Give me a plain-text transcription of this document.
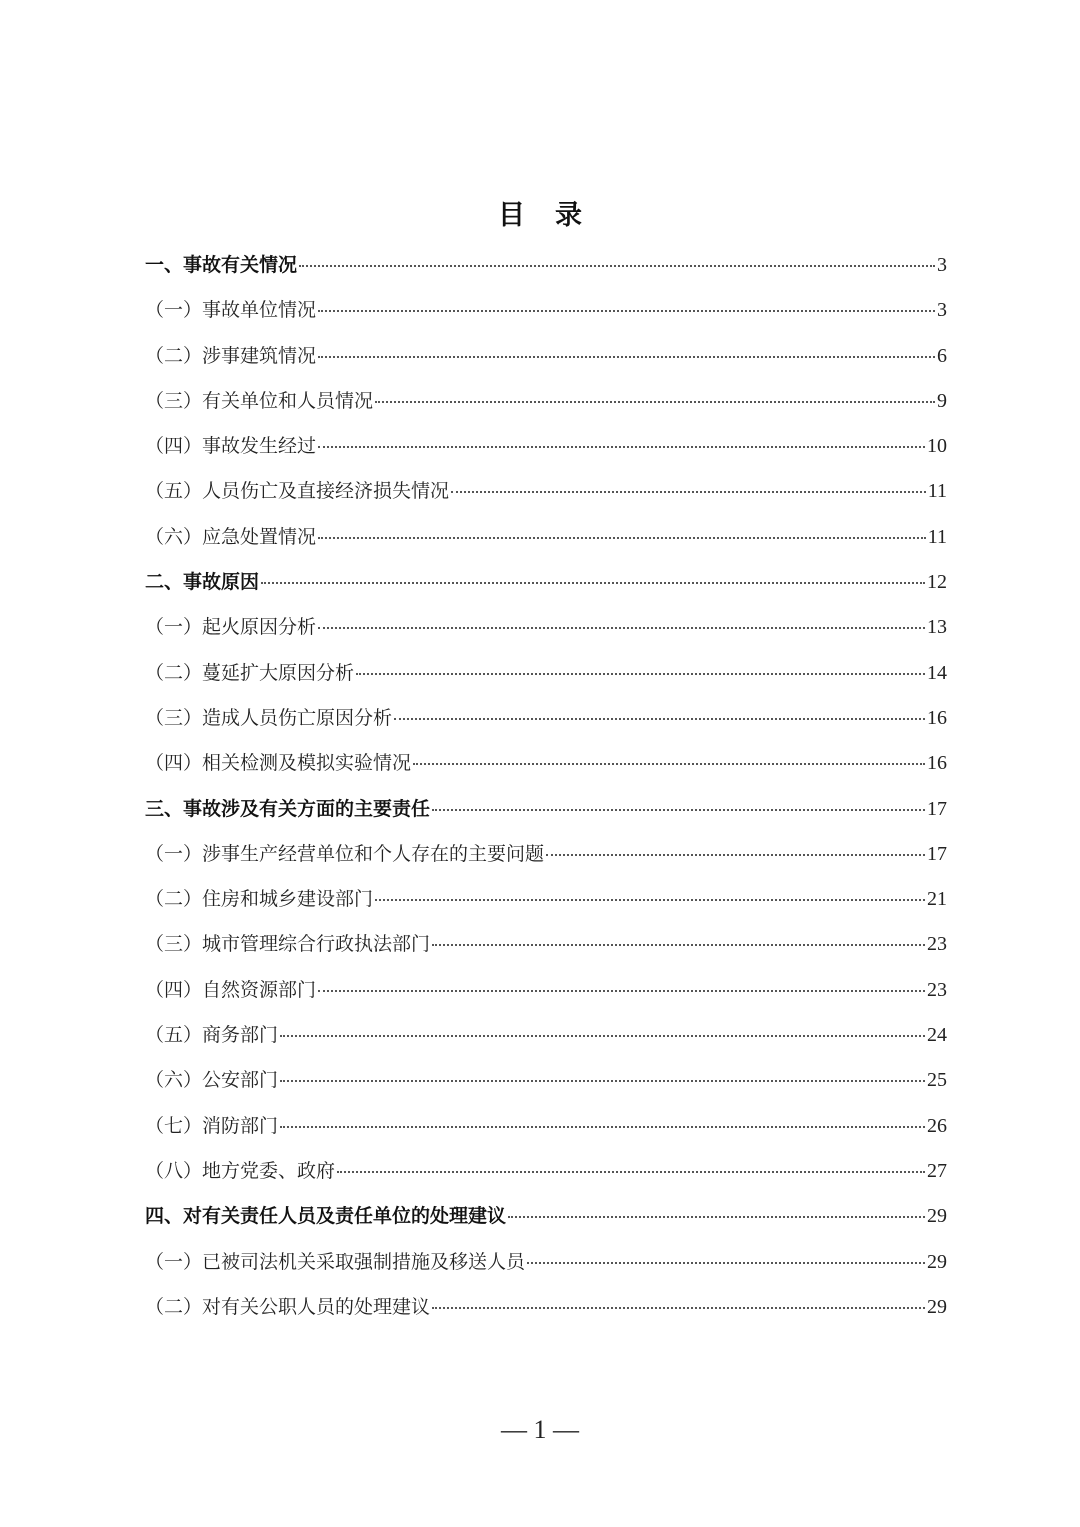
目录
一、事故有关情况	3
（一）事故单位情况	3
（二）涉事建筑情况	6
（三）有关单位和人员情况	9
（四）事故发生经过	10
（五）人员伤亡及直接经济损失情况	11
（六）应急处置情况	11
二、事故原因	12
（一）起火原因分析	13
（二）蔓延扩大原因分析	14
（三）造成人员伤亡原因分析	16
（四）相关检测及模拟实验情况	16
三、事故涉及有关方面的主要责任	17
（一）涉事生产经营单位和个人存在的主要问题	17
（二）住房和城乡建设部门	21
（三）城市管理综合行政执法部门	23
（四）自然资源部门	23
（五）商务部门	24
（六）公安部门	25
（七）消防部门	26
（八）地方党委、政府	27
四、对有关责任人员及责任单位的处理建议	29
（一）已被司法机关采取强制措施及移送人员	29
（二）对有关公职人员的处理建议	29
— 1 —
